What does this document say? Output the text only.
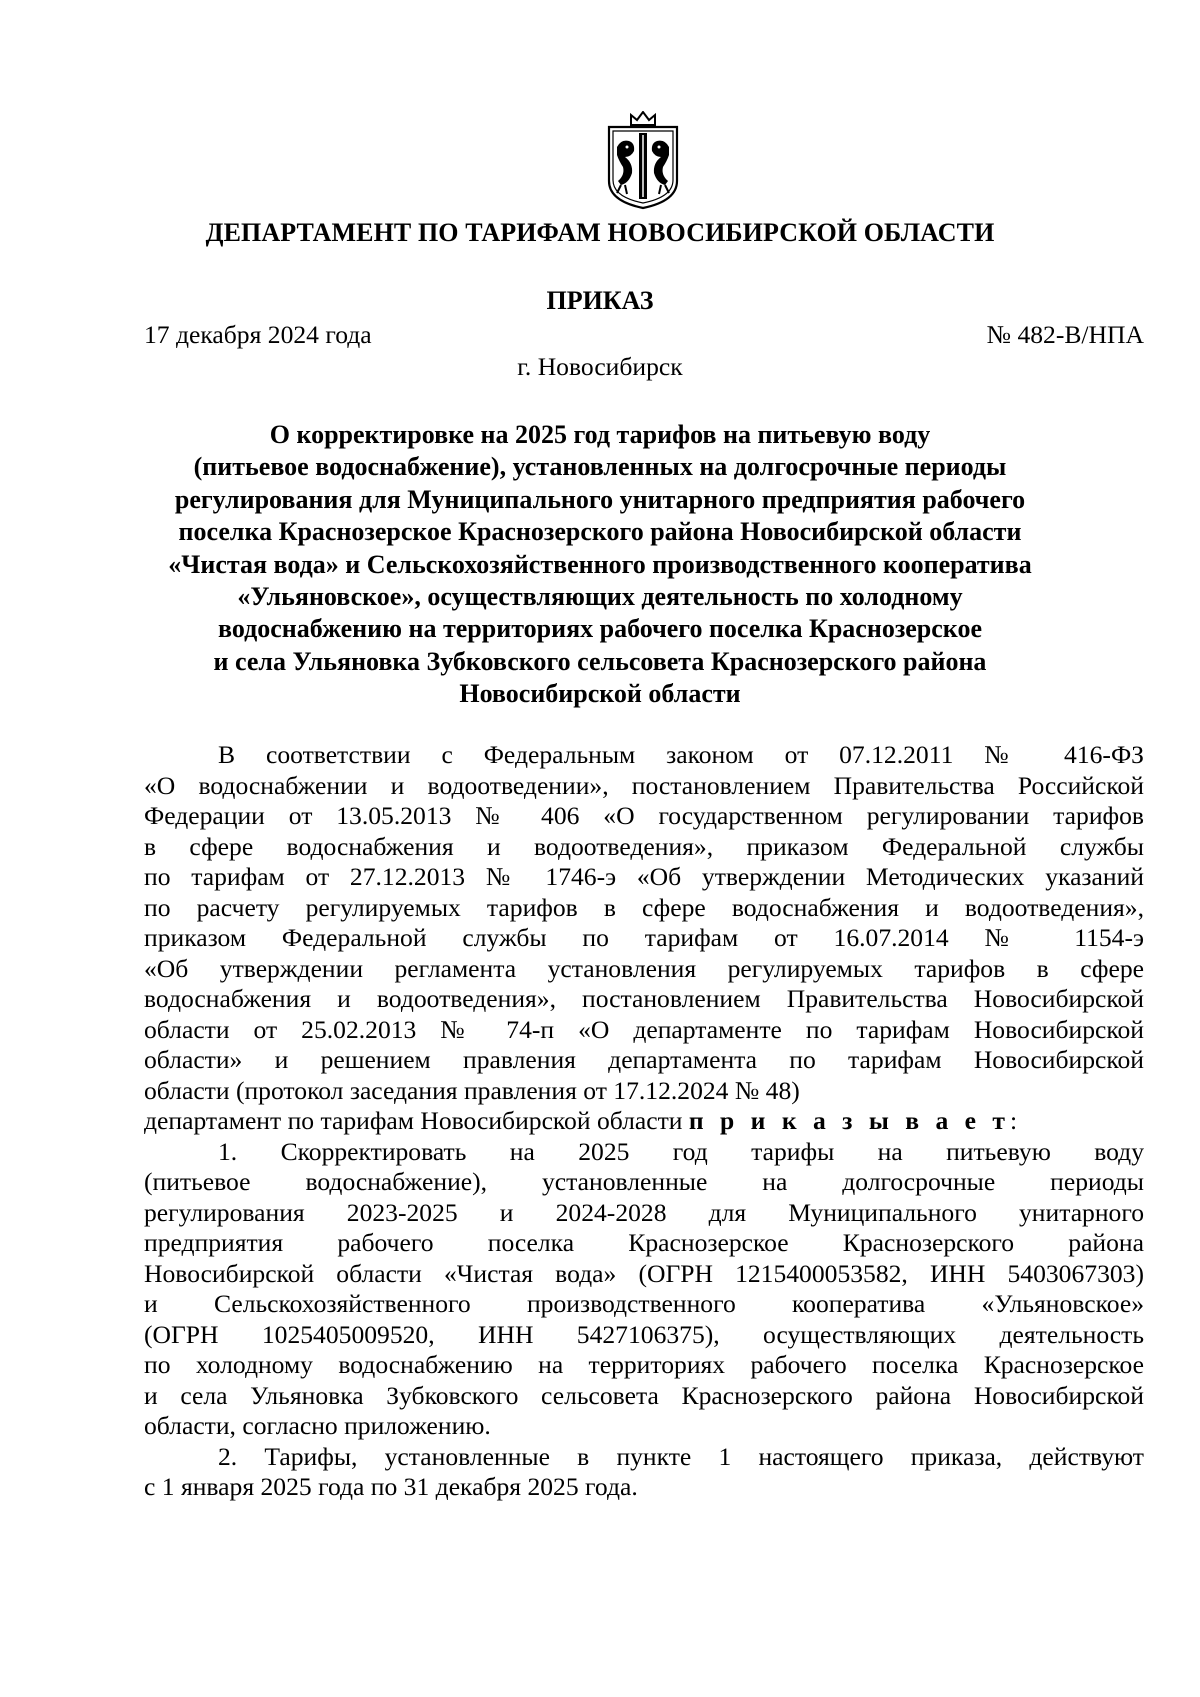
ДЕПАРТАМЕНТ ПО ТАРИФАМ НОВОСИБИРСКОЙ ОБЛАСТИ
ПРИКАЗ
17 декабря 2024 года	№ 482-В/НПА
г. Новосибирск
О корректировке на 2025 год тарифов на питьевую воду
(питьевое водоснабжение), установленных на долгосрочные периоды
регулирования для Муниципального унитарного предприятия рабочего
поселка Краснозерское Краснозерского района Новосибирской области
«Чистая вода» и Сельскохозяйственного производственного кооператива
«Ульяновское», осуществляющих деятельность по холодному
водоснабжению на территориях рабочего поселка Краснозерское
и села Ульяновка Зубковского сельсовета Краснозерского района
Новосибирской области
В соответствии с Федеральным законом от 07.12.2011 № 416-ФЗ
«О водоснабжении и водоотведении», постановлением Правительства Российской
Федерации от 13.05.2013 № 406 «О государственном регулировании тарифов
в сфере водоснабжения и водоотведения», приказом Федеральной службы
по тарифам от 27.12.2013 № 1746-э «Об утверждении Методических указаний
по расчету регулируемых тарифов в сфере водоснабжения и водоотведения»,
приказом Федеральной службы по тарифам от 16.07.2014 № 1154-э
«Об утверждении регламента установления регулируемых тарифов в сфере
водоснабжения и водоотведения», постановлением Правительства Новосибирской
области от 25.02.2013 № 74-п «О департаменте по тарифам Новосибирской
области» и решением правления департамента по тарифам Новосибирской
области (протокол заседания правления от 17.12.2024 № 48)
департамент по тарифам Новосибирской области п р и к а з ы в а е т:
1. Скорректировать на 2025 год тарифы на питьевую воду
(питьевое водоснабжение), установленные на долгосрочные периоды
регулирования 2023-2025 и 2024-2028 для Муниципального унитарного
предприятия рабочего поселка Краснозерское Краснозерского района
Новосибирской области «Чистая вода» (ОГРН 1215400053582, ИНН 5403067303)
и Сельскохозяйственного производственного кооператива «Ульяновское»
(ОГРН 1025405009520, ИНН 5427106375), осуществляющих деятельность
по холодному водоснабжению на территориях рабочего поселка Краснозерское
и села Ульяновка Зубковского сельсовета Краснозерского района Новосибирской
области, согласно приложению.
2. Тарифы, установленные в пункте 1 настоящего приказа, действуют
с 1 января 2025 года по 31 декабря 2025 года.
